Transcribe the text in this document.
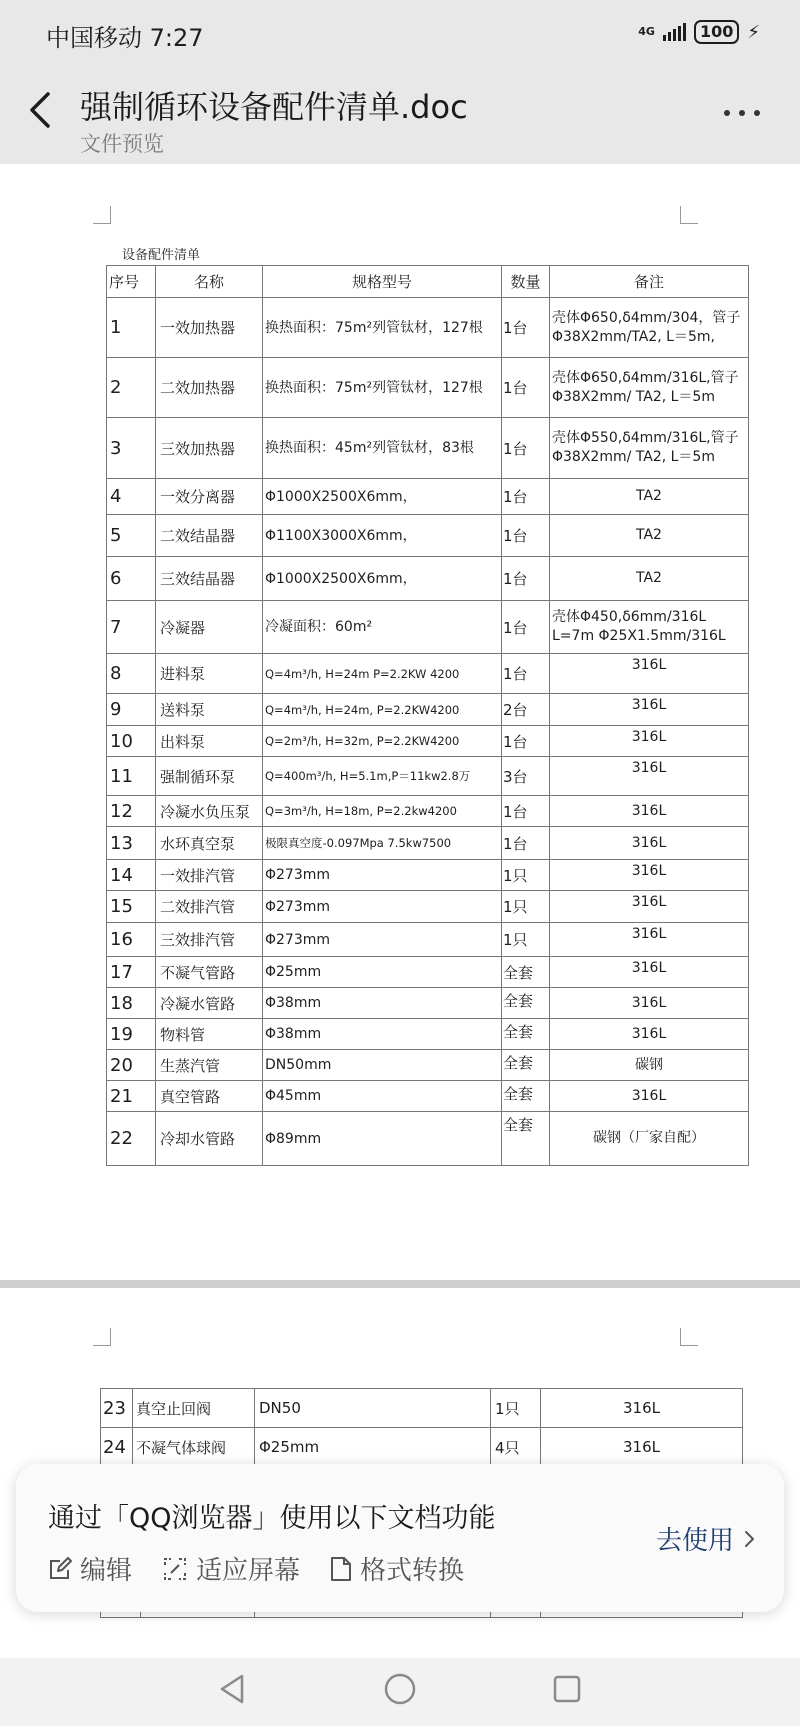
中国移动 7:27	4G	100 ⚡
强制循环设备配件清单.doc
文件预览
设备配件清单
序号	名称	规格型号	数量	备注
1	一效加热器	换热面积：75m²列管钛材，127根	1台	壳体Φ650,δ4mm/304，管子Φ38X2mm/TA2, L＝5m,
2	二效加热器	换热面积：75m²列管钛材，127根	1台	壳体Φ650,δ4mm/316L,管子Φ38X2mm/ TA2, L＝5m
3	三效加热器	换热面积：45m²列管钛材，83根	1台	壳体Φ550,δ4mm/316L,管子Φ38X2mm/ TA2, L＝5m
4	一效分离器	Φ1000X2500X6mm，	1台	TA2
5	二效结晶器	Φ1100X3000X6mm，	1台	TA2
6	三效结晶器	Φ1000X2500X6mm，	1台	TA2
7	冷凝器	冷凝面积：60m²	1台	壳体Φ450,δ6mm/316L L=7m Φ25X1.5mm/316L
8	进料泵	Q=4m³/h, H=24m P=2.2KW 4200	1台	316L
9	送料泵	Q=4m³/h, H=24m, P=2.2KW4200	2台	316L
10	出料泵	Q=2m³/h, H=32m, P=2.2KW4200	1台	316L
11	强制循环泵	Q=400m³/h, H=5.1m,P＝11kw2.8万	3台	316L
12	冷凝水负压泵	Q=3m³/h, H=18m, P=2.2kw4200	1台	316L
13	水环真空泵	极限真空度-0.097Mpa 7.5kw7500	1台	316L
14	一效排汽管	Φ273mm	1只	316L
15	二效排汽管	Φ273mm	1只	316L
16	三效排汽管	Φ273mm	1只	316L
17	不凝气管路	Φ25mm	全套	316L
18	冷凝水管路	Φ38mm	全套	316L
19	物料管	Φ38mm	全套	316L
20	生蒸汽管	DN50mm	全套	碳钢
21	真空管路	Φ45mm	全套	316L
22	冷却水管路	Φ89mm	全套	碳钢（厂家自配）
23	真空止回阀	DN50	1只	316L
24	不凝气体球阀	Φ25mm	4只	316L

通过「QQ浏览器」使用以下文档功能
编辑 适应屏幕 格式转换
去使用
